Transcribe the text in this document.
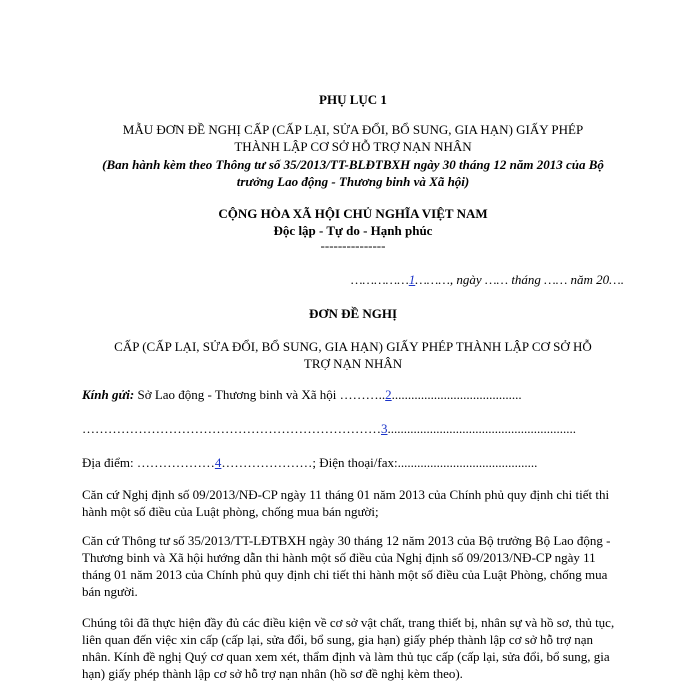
PHỤ LỤC 1
MẪU ĐƠN ĐỀ NGHỊ CẤP (CẤP LẠI, SỬA ĐỔI, BỔ SUNG, GIA HẠN) GIẤY PHÉP
THÀNH LẬP CƠ SỞ HỖ TRỢ NẠN NHÂN
(Ban hành kèm theo Thông tư số 35/2013/TT-BLĐTBXH ngày 30 tháng 12 năm 2013 của Bộ
trưởng Lao động - Thương binh và Xã hội)
CỘNG HÒA XÃ HỘI CHỦ NGHĨA VIỆT NAM
Độc lập - Tự do - Hạnh phúc
---------------
……………1………, ngày …… tháng …… năm 20….
ĐƠN ĐỀ NGHỊ
CẤP (CẤP LẠI, SỬA ĐỔI, BỔ SUNG, GIA HẠN) GIẤY PHÉP THÀNH LẬP CƠ SỞ HỖ
TRỢ NẠN NHÂN
Kính gửi: Sở Lao động - Thương binh và Xã hội ………..2........................................
……………………………………………………………3..........................................................
Địa điểm: ………………4…………………; Điện thoại/fax:...........................................
Căn cứ Nghị định số 09/2013/NĐ-CP ngày 11 tháng 01 năm 2013 của Chính phủ quy định chi tiết thi hành một số điều của Luật phòng, chống mua bán người;
Căn cứ Thông tư số 35/2013/TT-LĐTBXH ngày 30 tháng 12 năm 2013 của Bộ trưởng Bộ Lao động - Thương binh và Xã hội hướng dẫn thi hành một số điều của Nghị định số 09/2013/NĐ-CP ngày 11 tháng 01 năm 2013 của Chính phủ quy định chi tiết thi hành một số điều của Luật Phòng, chống mua bán người.
Chúng tôi đã thực hiện đầy đủ các điều kiện về cơ sở vật chất, trang thiết bị, nhân sự và hồ sơ, thủ tục, liên quan đến việc xin cấp (cấp lại, sửa đổi, bổ sung, gia hạn) giấy phép thành lập cơ sở hỗ trợ nạn nhân. Kính đề nghị Quý cơ quan xem xét, thẩm định và làm thủ tục cấp (cấp lại, sửa đổi, bổ sung, gia hạn) giấy phép thành lập cơ sở hỗ trợ nạn nhân (hồ sơ đề nghị kèm theo).
